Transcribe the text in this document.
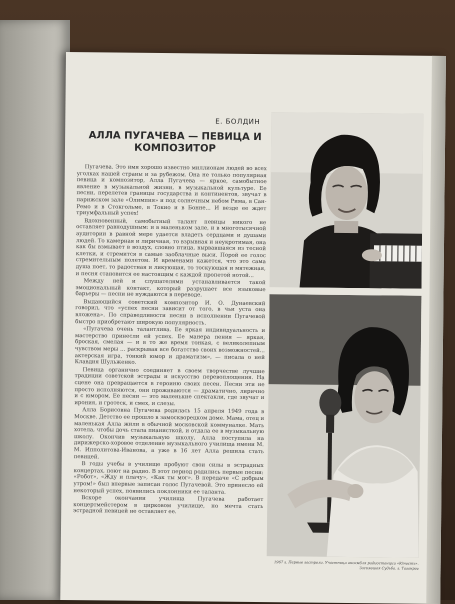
Е. БОЛДИН
АЛЛА ПУГАЧЕВА — ПЕВИЦА И КОМПОЗИТОР

Пугачева. Это имя хорошо известно миллионам людей во всех уголках нашей страны и за рубежом. Она не только популярная певица и композитор, Алла Пугачева — яркое, самобытное явление в музыкальной жизни, в музыкальной культуре. Ее песни, перелетев границы государства и континентов, звучат в парижском зале «Олимпия» и под солнечным небом Рима, в Сан-Ремо и в Стокгольме, в Токио и в Бонне... И везде ее ждет триумфальный успех!

Вдохновенный, самобытный талант певицы никого не оставляет равнодушным: и в маленьком зале, и в многотысячной аудитории в равной мере удается владеть сердцами и душами людей. То камерная и лиричная, то взрывная и неукротимая, она как бы взмывает в воздух, словно птица, вырвавшаяся из тесной клетки, и стремится в самые заоблачные выси. Порой ее голос стремительным полетом. И временами кажется, что это сама душа поет, то радостная и ликующая, то тоскующая и мятежная, и песня становится ее настоящим с каждой пропетой нотой...

Между ней и слушателями устанавливается такой эмоциональный контакт, который разрушает все языковые барьеры — песни не нуждаются в переводе.

Выдающийся советский композитор И. О. Дунаевский говорил, что «успех песни зависит от того, в чьи уста она вложена». По справедливости песни в исполнении Пугачевой быстро приобретают широкую популярность.

«Пугачева очень талантлива. Ее яркая индивидуальность и мастерство принесли ей успех. Ее манера пения — яркая, броская, смелая — и в то же время тонкая, с великолепным чувством меры ... раскрывая все богатство своих возможностей... актерская игра, тонкий юмор и драматизм», — писала о ней Клавдия Шульженко.

Певица органично соединяет в своем творчестве лучшие традиции советской эстрады и искусство перевоплощения. На сцене она превращается в героиню своих песен. Песни эти не просто исполняются, они проживаются — драматично, лирично и с юмором. Ее песни — это маленькие спектакли, где звучат и ирония, и гротеск, и смех, и слезы.

Алла Борисовна Пугачева родилась 15 апреля 1949 года в Москве. Детство ее прошло в замоскворецком доме. Мама, отец и маленькая Алла жили в обычной московской коммуналке. Мать хотела, чтобы дочь стала пианисткой, и отдала ее в музыкальную школу. Окончив музыкальную школу, Алла поступила на дирижерско-хоровое отделение музыкального училища имени М. М. Ипполитова-Иванова, а уже в 16 лет Алла решила стать певицей.

В годы учебы в училище пробуют свои силы в эстрадных концертах, поют на радио. В этот период родились первые песни: «Робот», «Жду и плачу», «Как ты мог». В передаче «С добрым утром!» был впервые записан голос Пугачевой. Это принесло ей некоторый успех, появились поклонники ее таланта.

Вскоре окончании училища Пугачева работает концертмейстером в цирковом училище, но мечта стать эстрадной певицей не оставляет ее.

1967 г. Первые гастроли. Участница ансамбля радиостанции «Юность». Засиявшая Судьба. г. Таганрог
